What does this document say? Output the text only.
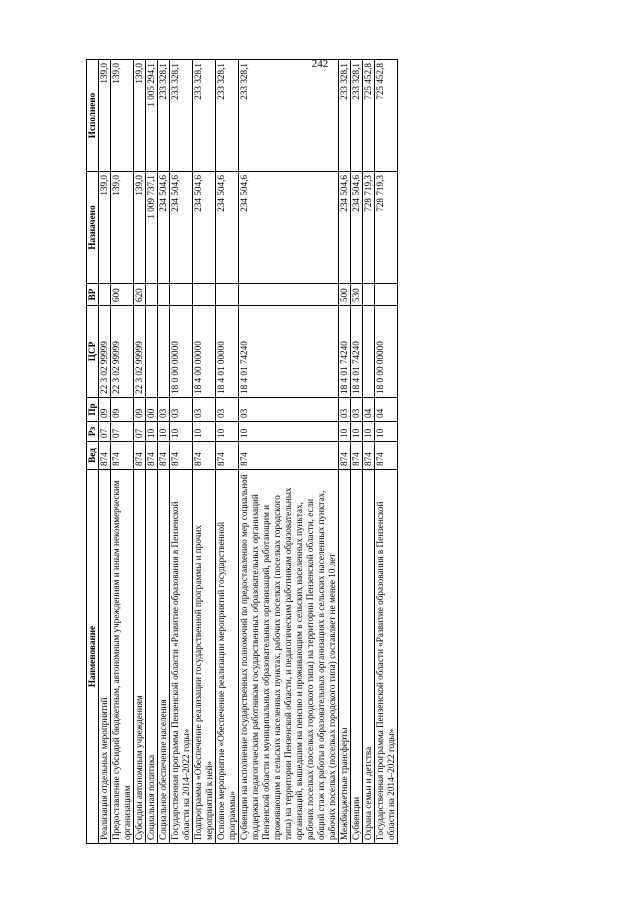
242
Наименование	Вед	Рз	Пр	ЦСР	ВР	Назначено	Исполнено
Реализация отдельных мероприятий	874	07	09	22 3 02 99999		139,0	139,0
Предоставление субсидий бюджетным, автономным учреждениям и иным некоммерческим организациям	874	07	09	22 3 02 99999	600	139,0	139,0
Субсидии автономным учреждениям	874	07	09	22 3 02 99999	620	139,0	139,0
Социальная политика	874	10	00			1 009 737,1	1 005 294,1
Социальное обеспечение населения	874	10	03			234 504,6	233 328,1
Государственная программа Пензенской области «Развитие образования в Пензенской области на 2014–2022 годы»	874	10	03	18 0 00 00000		234 504,6	233 328,1
Подпрограмма «Обеспечение реализации государственной программы и прочих мероприятий к ней»	874	10	03	18 4 00 00000		234 504,6	233 328,1
Основное мероприятие «Обеспечение реализации мероприятий государственной программы»	874	10	03	18 4 01 00000		234 504,6	233 328,1
Субвенции на исполнение государственных полномочий по предоставлению мер социальной поддержки педагогическим работникам государственных образовательных организаций Пензенской области и муниципальных образовательных организаций, работающим и проживающим в сельских населенных пунктах, рабочих поселках (поселках городского типа) на территории Пензенской области, и педагогическим работникам образовательных организаций, вышедшим на пенсию и проживающим в сельских населенных пунктах, рабочих поселках (поселках городского типа) на территории Пензенской области, если общий стаж их работы в образовательных организациях в сельских населенных пунктах, рабочих поселках (поселках городского типа) составляет не менее 10 лет	874	10	03	18 4 01 74240		234 504,6	233 328,1
Межбюджетные трансферты	874	10	03	18 4 01 74240	500	234 504,6	233 328,1
Субвенции	874	10	03	18 4 01 74240	530	234 504,6	233 328,1
Охрана семьи и детства	874	10	04			728 719,3	725 452,8
Государственная программа Пензенской области «Развитие образования в Пензенской области на 2014–2022 годы»	874	10	04	18 0 00 00000		728 719,3	725 452,8
